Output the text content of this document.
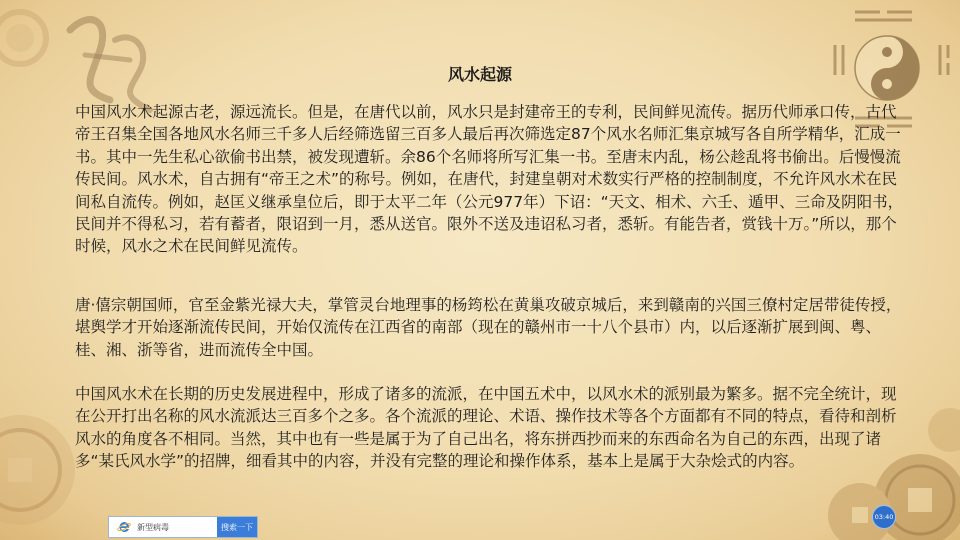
风水起源

中国风水术起源古老，源远流长。但是，在唐代以前，风水只是封建帝王的专利，民间鲜见流传。据历代师承口传，古代帝王召集全国各地风水名师三千多人后经筛选留三百多人最后再次筛选定87个风水名师汇集京城写各自所学精华，汇成一书。其中一先生私心欲偷书出禁，被发现遭斩。余86个名师将所写汇集一书。至唐末内乱，杨公趁乱将书偷出。后慢慢流传民间。风水术，自古拥有“帝王之术”的称号。例如，在唐代，封建皇朝对术数实行严格的控制制度，不允许风水术在民间私自流传。例如，赵匡义继承皇位后，即于太平二年（公元977年）下诏：“天文、相术、六壬、遁甲、三命及阴阳书，民间并不得私习，若有蓄者，限诏到一月，悉从送官。限外不送及违诏私习者，悉斩。有能告者，赏钱十万。”所以，那个时候，风水之术在民间鲜见流传。

唐·僖宗朝国师，官至金紫光禄大夫，掌管灵台地理事的杨筠松在黄巢攻破京城后，来到赣南的兴国三僚村定居带徒传授，堪舆学才开始逐渐流传民间，开始仅流传在江西省的南部（现在的赣州市一十八个县市）内，以后逐渐扩展到闽、粤、桂、湘、浙等省，进而流传全中国。

中国风水术在长期的历史发展进程中，形成了诸多的流派，在中国五术中，以风水术的派别最为繁多。据不完全统计，现在公开打出名称的风水流派达三百多个之多。各个流派的理论、术语、操作技术等各个方面都有不同的特点，看待和剖析风水的角度各不相同。当然，其中也有一些是属于为了自己出名，将东拼西抄而来的东西命名为自己的东西，出现了诸多“某氏风水学”的招牌，细看其中的内容，并没有完整的理论和操作体系，基本上是属于大杂烩式的内容。

新型病毒	搜索一下
03:40
